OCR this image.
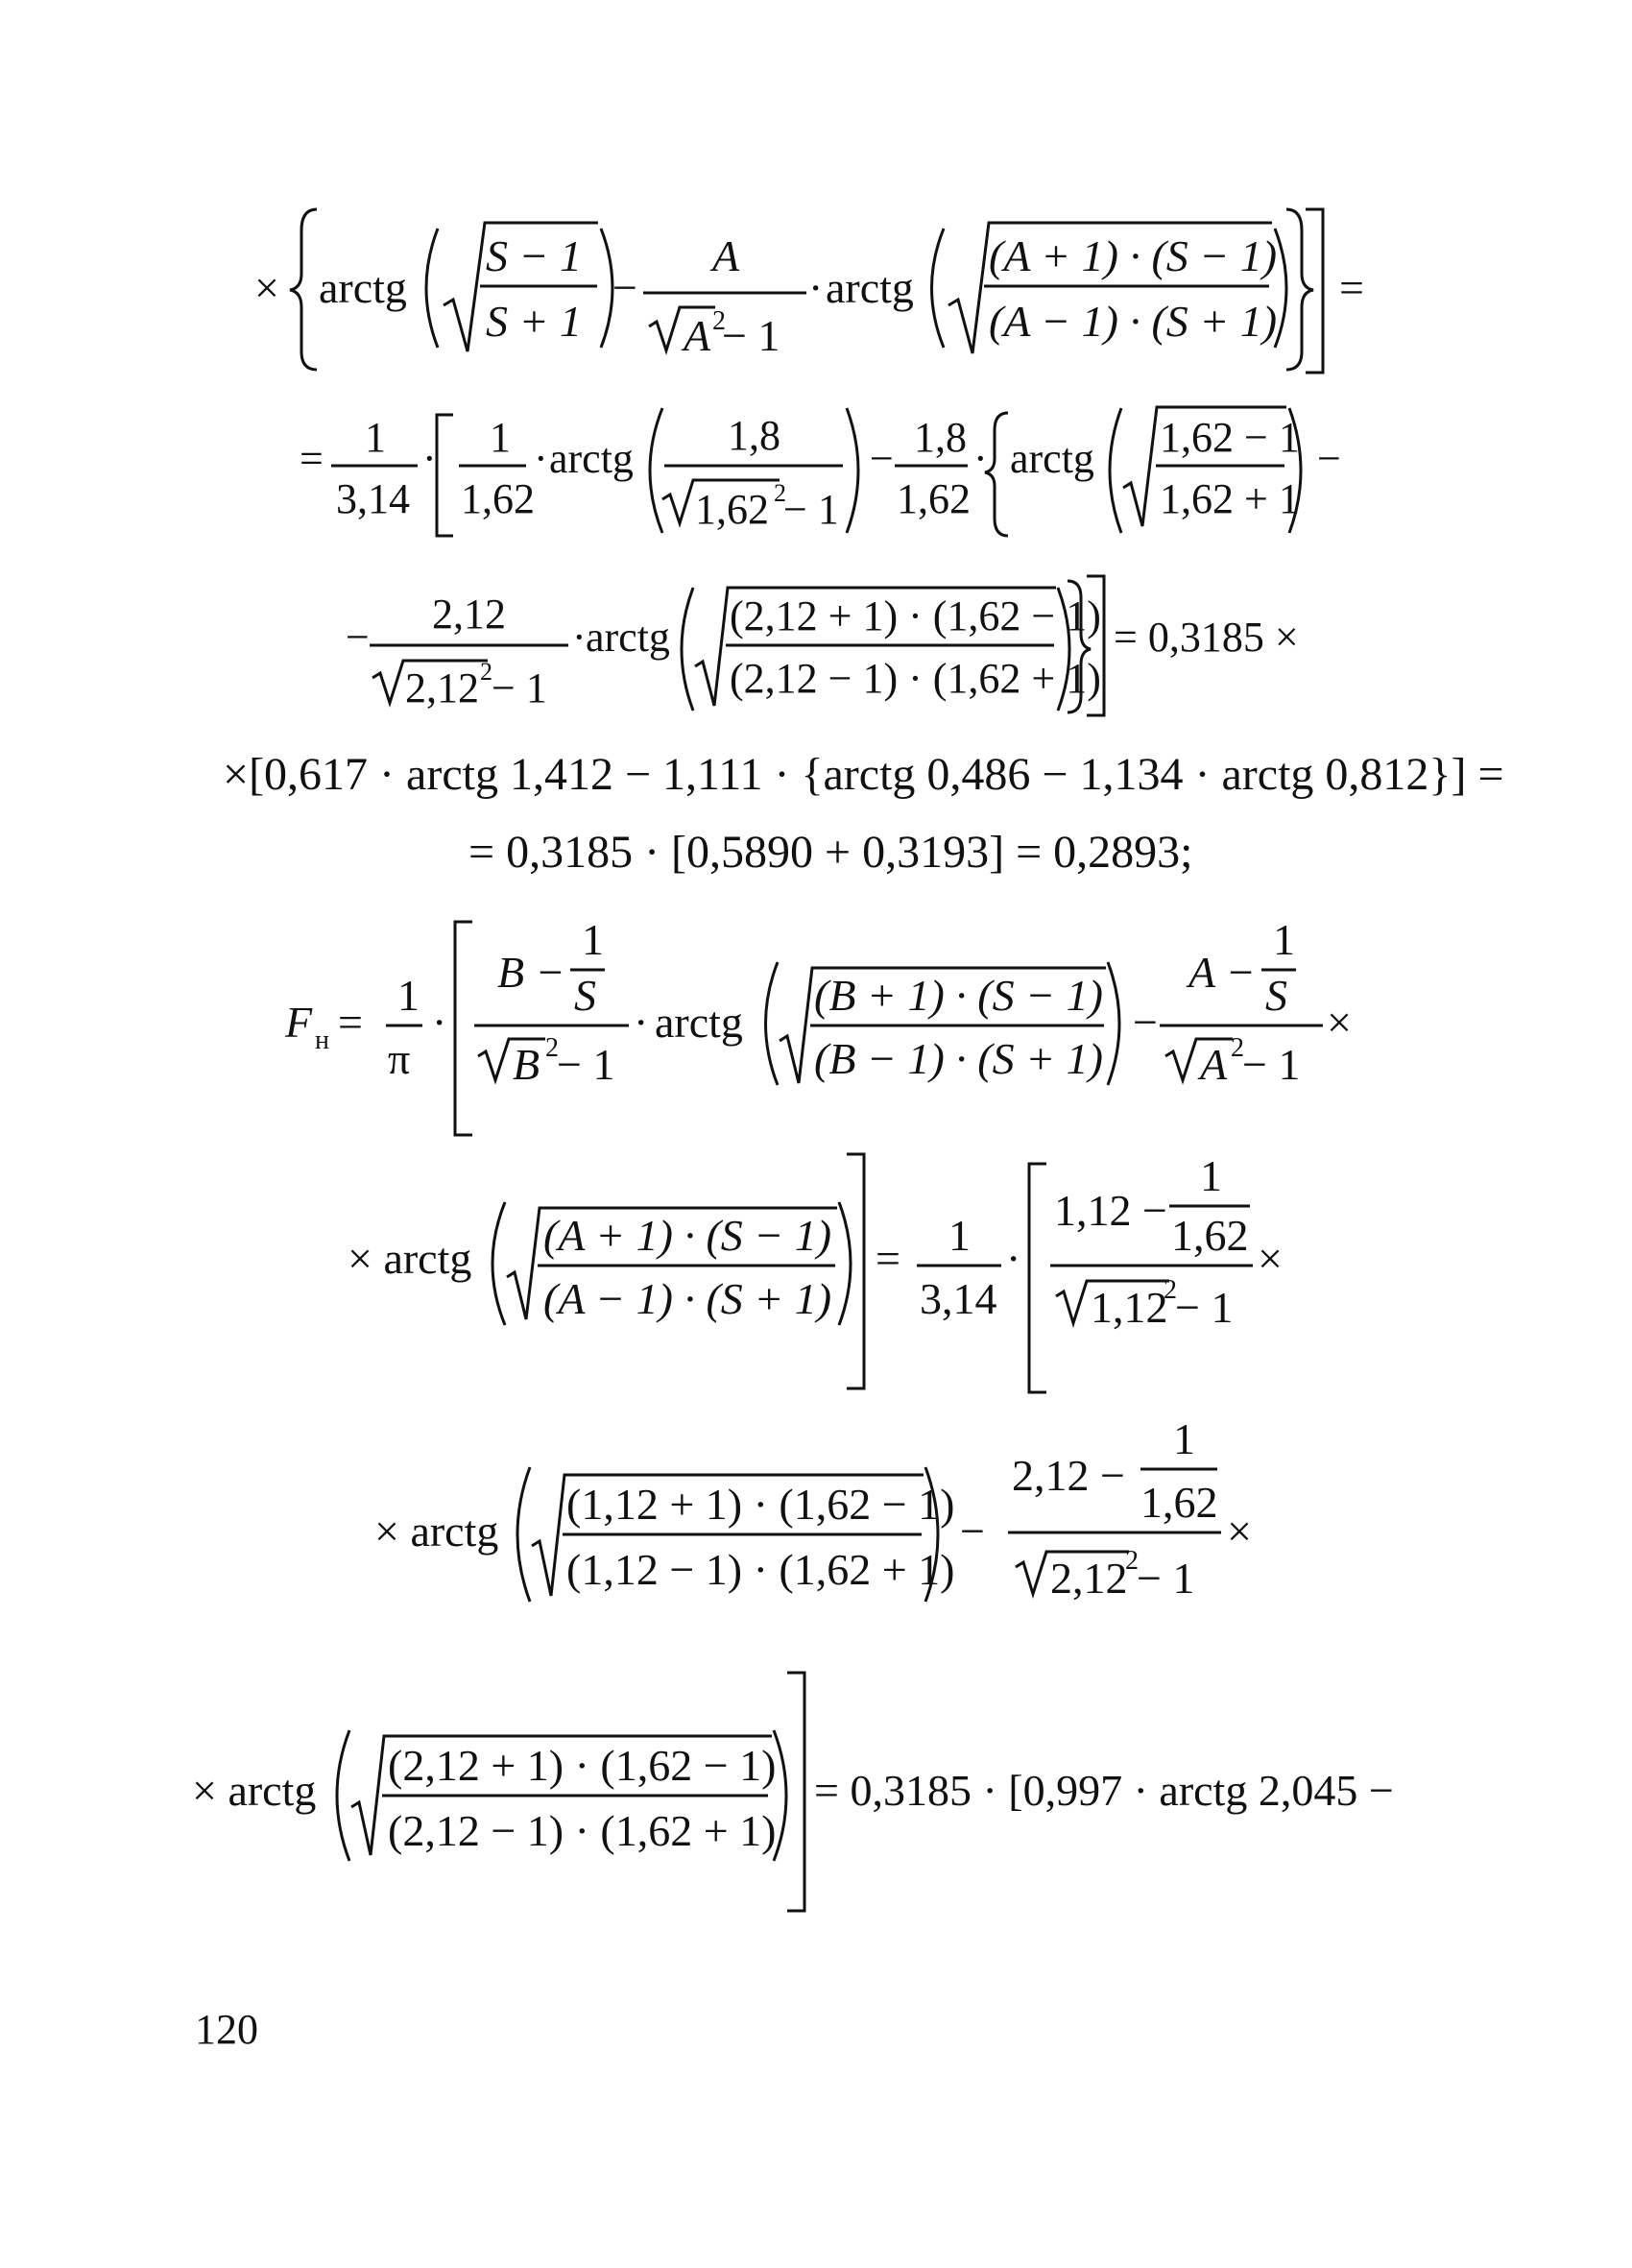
× arctg
S − 1
S + 1
−
A
A 2
− 1
· arctg
(A + 1) · (S − 1)
(A − 1) · (S + 1)
=
= 1
3,14
· 1
1,62
· arctg 1,8
1,62 2
− 1
− 1,8
1,62
· arctg 1,62 − 1
1,62 + 1
−
− 2,12
2,12 2 − 1
· arctg (2,12 + 1) · (1,62 − 1)
(2,12 − 1) · (1,62 + 1)
= 0,3185 ×
×[0,617 · arctg 1,412 − 1,111 · {arctg 0,486 − 1,134 · arctg 0,812}] =
= 0,3185 · [0,5890 + 0,3193] = 0,2893;
F н =
1
π
·
B −
1
S
B 2
− 1
· arctg
(B + 1) · (S − 1)
(B − 1) · (S + 1)
−
A −
1
S
A 2
− 1
×
× arctg (A + 1) · (S − 1)
(A − 1) · (S + 1)
= 1
3,14
·
1,12 −
1
1,62
1,12
2
− 1
×
× arctg
(1,12 + 1) · (1,62 − 1)
(1,12 − 1) · (1,62 + 1)
−
2,12 −
1
1,62
2,12
2
− 1
×
× arctg
(2,12 + 1) · (1,62 − 1)
(2,12 − 1) · (1,62 + 1)
= 0,3185 · [0,997 · arctg 2,045 −
120
